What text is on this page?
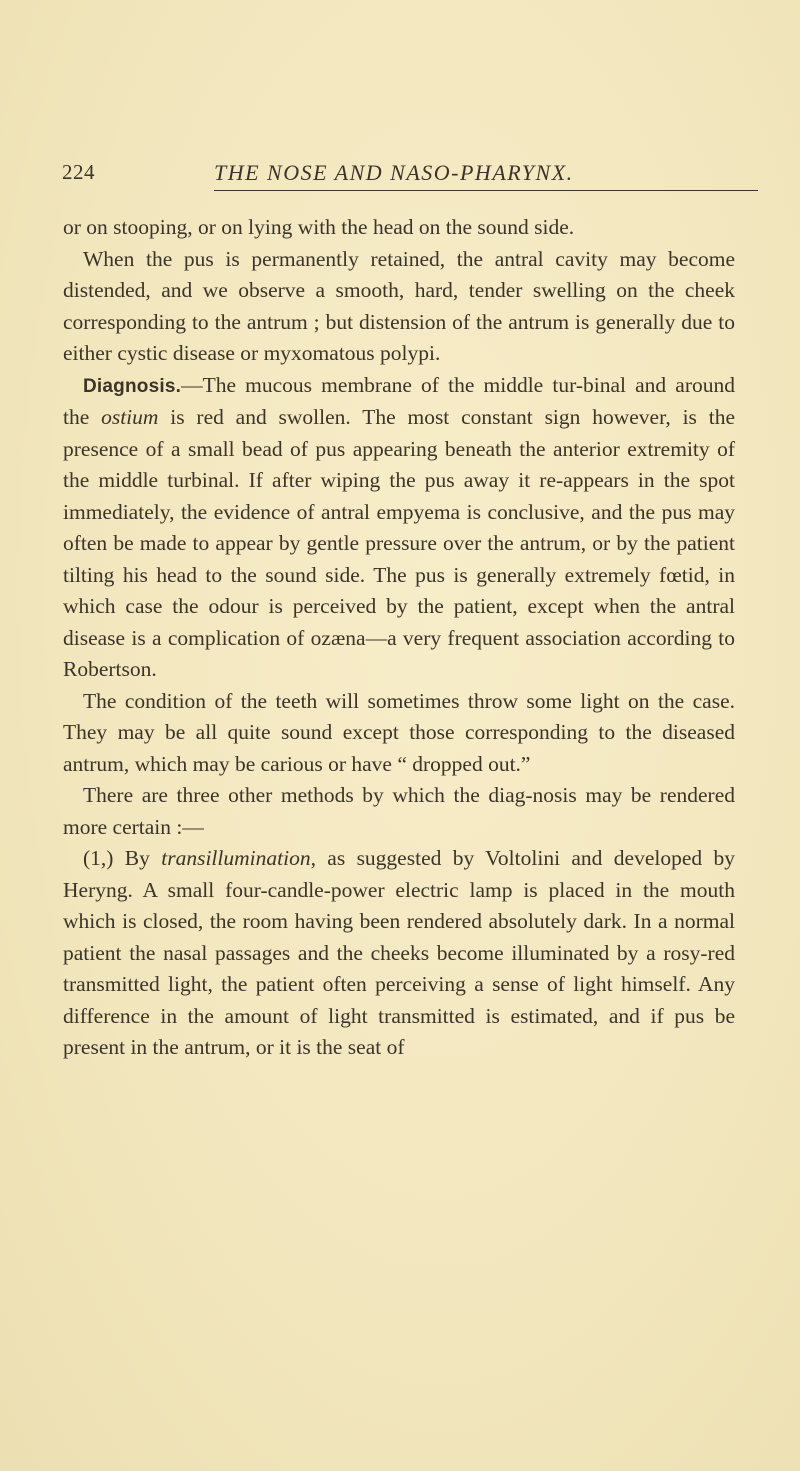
224	THE NOSE AND NASO-PHARYNX.

or on stooping, or on lying with the head on the sound side.

When the pus is permanently retained, the antral cavity may become distended, and we observe a smooth, hard, tender swelling on the cheek corresponding to the antrum ; but distension of the antrum is generally due to either cystic disease or myxomatous polypi.

Diagnosis.—The mucous membrane of the middle tur-binal and around the ostium is red and swollen. The most constant sign however, is the presence of a small bead of pus appearing beneath the anterior extremity of the middle turbinal. If after wiping the pus away it re-appears in the spot immediately, the evidence of antral empyema is conclusive, and the pus may often be made to appear by gentle pressure over the antrum, or by the patient tilting his head to the sound side. The pus is generally extremely fœtid, in which case the odour is perceived by the patient, except when the antral disease is a complication of ozæna—a very frequent association according to Robertson.

The condition of the teeth will sometimes throw some light on the case. They may be all quite sound except those corresponding to the diseased antrum, which may be carious or have “ dropped out.”

There are three other methods by which the diag-nosis may be rendered more certain :—

(1,) By transillumination, as suggested by Voltolini and developed by Heryng. A small four-candle-power electric lamp is placed in the mouth which is closed, the room having been rendered absolutely dark. In a normal patient the nasal passages and the cheeks become illuminated by a rosy-red transmitted light, the patient often perceiving a sense of light himself. Any difference in the amount of light transmitted is estimated, and if pus be present in the antrum, or it is the seat of
